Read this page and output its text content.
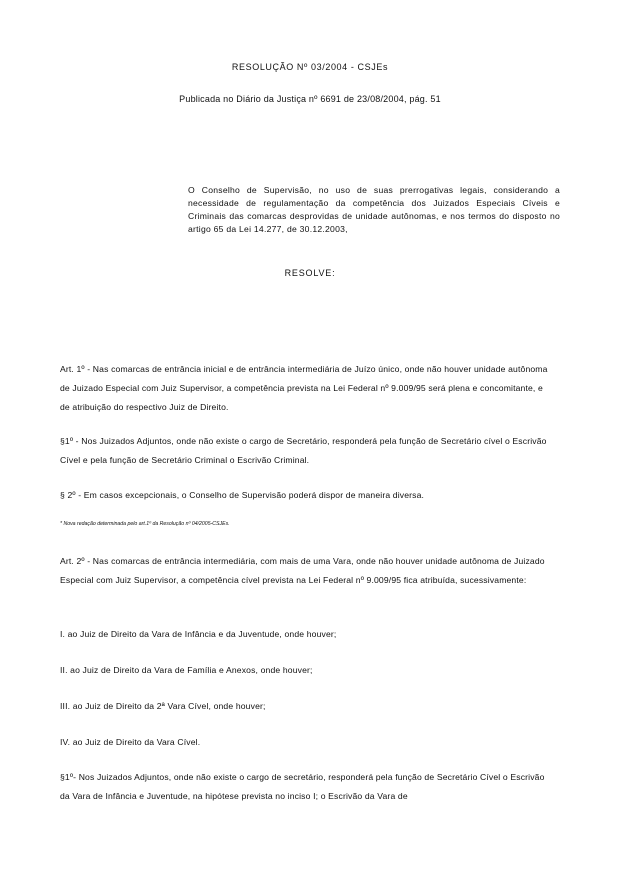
RESOLUÇÃO Nº 03/2004 - CSJEs

Publicada no Diário da Justiça nº 6691 de 23/08/2004, pág. 51

O Conselho de Supervisão, no uso de suas prerrogativas legais, considerando a necessidade de regulamentação da competência dos Juizados Especiais Cíveis e Criminais das comarcas desprovidas de unidade autônomas, e nos termos do disposto no artigo 65 da Lei 14.277, de 30.12.2003,

RESOLVE:

Art. 1º - Nas comarcas de entrância inicial e de entrância intermediária de Juízo único, onde não houver unidade autônoma de Juizado Especial com Juiz Supervisor, a competência prevista na Lei Federal nº 9.009/95 será plena e concomitante, e de atribuição do respectivo Juiz de Direito.

§1º - Nos Juizados Adjuntos, onde não existe o cargo de Secretário, responderá pela função de Secretário cível o Escrivão Cível e pela função de Secretário Criminal o Escrivão Criminal.

§ 2º - Em casos excepcionais, o Conselho de Supervisão poderá dispor de maneira diversa.

* Nova redação determinada pelo art.1º da Resolução nº 04/2005-CSJEs.

Art. 2º - Nas comarcas de entrância intermediária, com mais de uma Vara, onde não houver unidade autônoma de Juizado Especial com Juiz Supervisor, a competência cível prevista na Lei Federal nº 9.009/95 fica atribuída, sucessivamente:

I. ao Juiz de Direito da Vara de Infância e da Juventude, onde houver;

II. ao Juiz de Direito da Vara de Família e Anexos, onde houver;

III. ao Juiz de Direito da 2ª Vara Cível, onde houver;

IV. ao Juiz de Direito da Vara Cível.

§1º- Nos Juizados Adjuntos, onde não existe o cargo de secretário, responderá pela função de Secretário Cível o Escrivão da Vara de Infância e Juventude, na hipótese prevista no inciso I; o Escrivão da Vara de
